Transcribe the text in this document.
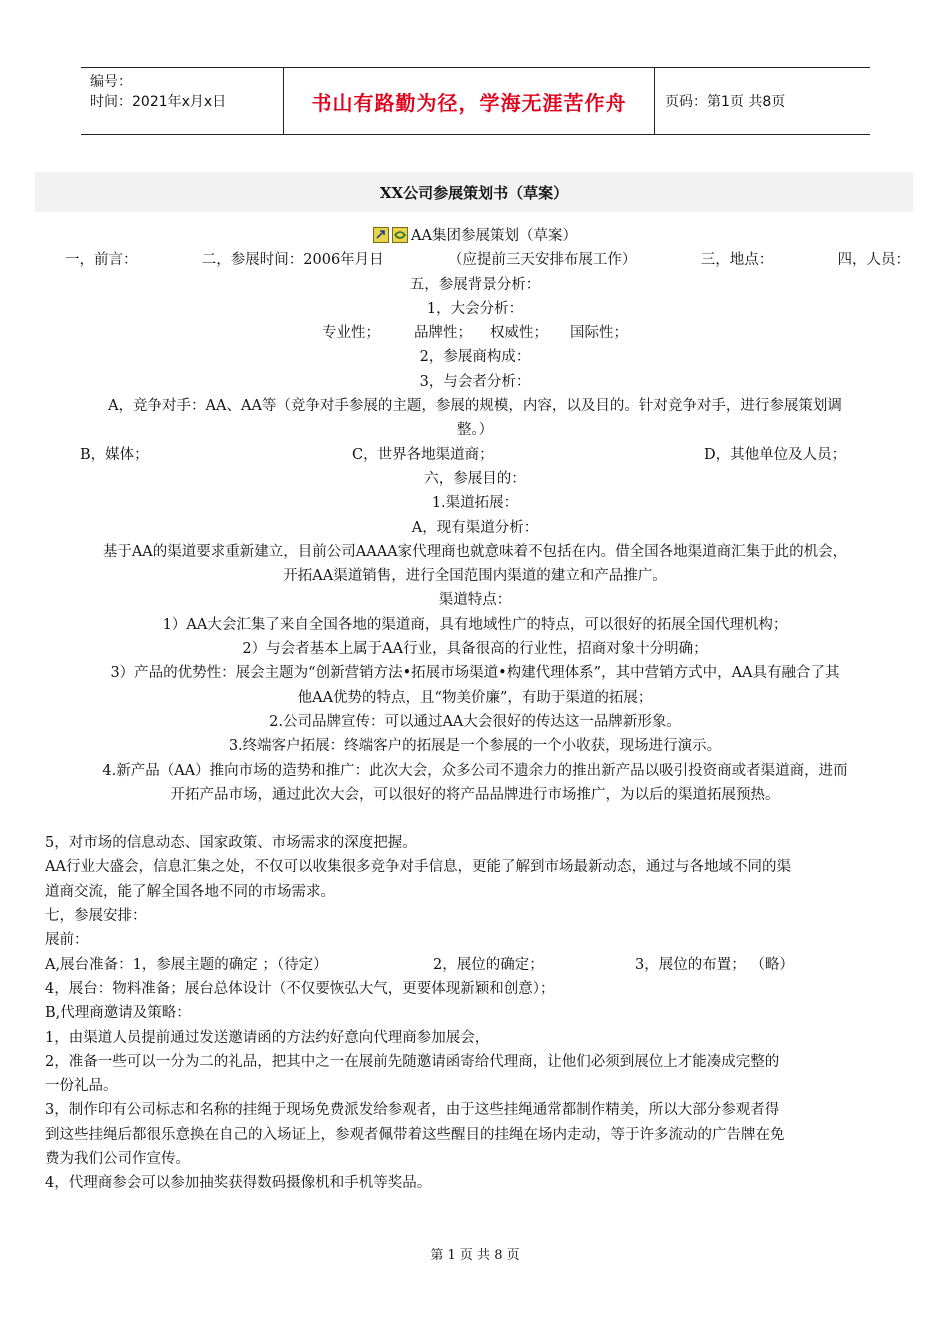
编号：
时间：2021年x月x日	书山有路勤为径，学海无涯苦作舟	页码：第1页 共8页
XX公司参展策划书（草案）
AA集团参展策划（草案）
一，前言：	二，参展时间：2006年月日	（应提前三天安排布展工作）	三，地点：	四，人员：
五，参展背景分析：
1，大会分析：
专业性； 品牌性； 权威性； 国际性；
2，参展商构成：
3，与会者分析：
A，竞争对手：AA、AA等（竞争对手参展的主题，参展的规模，内容，以及目的。针对竞争对手，进行参展策划调
整。）
B，媒体；	C，世界各地渠道商；	D，其他单位及人员；
六，参展目的：
1.渠道拓展：
A，现有渠道分析：
基于AA的渠道要求重新建立，目前公司AAAA家代理商也就意味着不包括在内。借全国各地渠道商汇集于此的机会，
开拓AA渠道销售，进行全国范围内渠道的建立和产品推广。
渠道特点：
1）AA大会汇集了来自全国各地的渠道商，具有地域性广的特点，可以很好的拓展全国代理机构；
2）与会者基本上属于AA行业，具备很高的行业性，招商对象十分明确；
3）产品的优势性：展会主题为“创新营销方法•拓展市场渠道•构建代理体系”，其中营销方式中，AA具有融合了其
他AA优势的特点，且“物美价廉”，有助于渠道的拓展；
2.公司品牌宣传：可以通过AA大会很好的传达这一品牌新形象。
3.终端客户拓展：终端客户的拓展是一个参展的一个小收获，现场进行演示。
4.新产品（AA）推向市场的造势和推广：此次大会，众多公司不遗余力的推出新产品以吸引投资商或者渠道商，进而
开拓产品市场，通过此次大会，可以很好的将产品品牌进行市场推广，为以后的渠道拓展预热。
5，对市场的信息动态、国家政策、市场需求的深度把握。
AA行业大盛会，信息汇集之处，不仅可以收集很多竞争对手信息，更能了解到市场最新动态，通过与各地域不同的渠
道商交流，能了解全国各地不同的市场需求。
七，参展安排：
展前：
A,展台准备：1，参展主题的确定 ；（待定）	2，展位的确定；	3，展位的布置； （略）
4，展台：物料准备；展台总体设计（不仅要恢弘大气，更要体现新颖和创意）；
B,代理商邀请及策略：
1，由渠道人员提前通过发送邀请函的方法约好意向代理商参加展会，
2，准备一些可以一分为二的礼品，把其中之一在展前先随邀请函寄给代理商，让他们必须到展位上才能凑成完整的
一份礼品。
3，制作印有公司标志和名称的挂绳于现场免费派发给参观者，由于这些挂绳通常都制作精美，所以大部分参观者得
到这些挂绳后都很乐意换在自己的入场证上，参观者佩带着这些醒目的挂绳在场内走动，等于许多流动的广告牌在免
费为我们公司作宣传。
4，代理商参会可以参加抽奖获得数码摄像机和手机等奖品。
第 1 页 共 8 页
